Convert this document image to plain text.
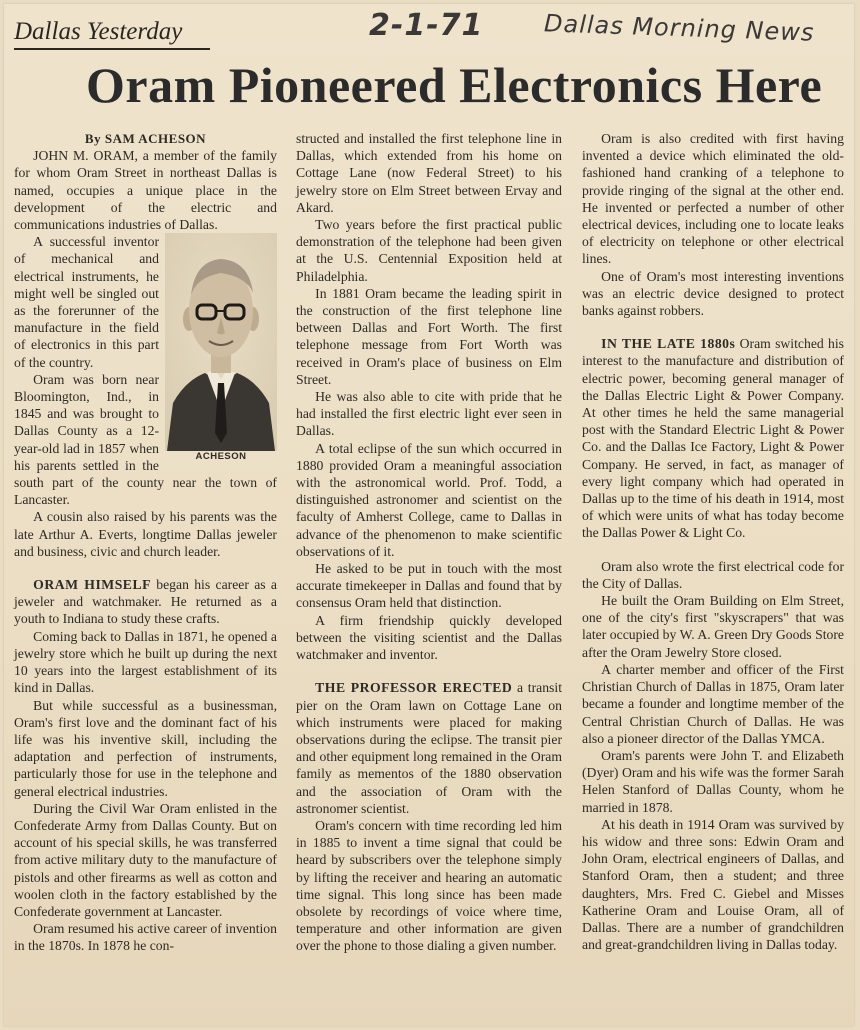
Dallas Yesterday	2-1-71	Dallas Morning News
Oram Pioneered Electronics Here

By SAM ACHESON

JOHN M. ORAM, a member of the family for whom Oram Street in northeast Dallas is named, occupies a unique place in the development of the electric and communications industries of Dallas.

ACHESON

A successful inventor of mechanical and electrical instruments, he might well be singled out as the forerunner of the manufacture in the field of electronics in this part of the country.

Oram was born near Bloomington, Ind., in 1845 and was brought to Dallas County as a 12-year-old lad in 1857 when his parents settled in the south part of the county near the town of Lancaster.

A cousin also raised by his parents was the late Arthur A. Everts, longtime Dallas jeweler and business, civic and church leader.

ORAM HIMSELF began his career as a jeweler and watchmaker. He returned as a youth to Indiana to study these crafts.

Coming back to Dallas in 1871, he opened a jewelry store which he built up during the next 10 years into the largest establishment of its kind in Dallas.

But while successful as a businessman, Oram's first love and the dominant fact of his life was his inventive skill, including the adaptation and perfection of instruments, particularly those for use in the telephone and general electrical industries.

During the Civil War Oram enlisted in the Confederate Army from Dallas County. But on account of his special skills, he was transferred from active military duty to the manufacture of pistols and other firearms as well as cotton and woolen cloth in the factory established by the Confederate government at Lancaster.

Oram resumed his active career of invention in the 1870s. In 1878 he con-

structed and installed the first telephone line in Dallas, which extended from his home on Cottage Lane (now Federal Street) to his jewelry store on Elm Street between Ervay and Akard.

Two years before the first practical public demonstration of the telephone had been given at the U.S. Centennial Exposition held at Philadelphia.

In 1881 Oram became the leading spirit in the construction of the first telephone line between Dallas and Fort Worth. The first telephone message from Fort Worth was received in Oram's place of business on Elm Street.

He was also able to cite with pride that he had installed the first electric light ever seen in Dallas.

A total eclipse of the sun which occurred in 1880 provided Oram a meaningful association with the astronomical world. Prof. Todd, a distinguished astronomer and scientist on the faculty of Amherst College, came to Dallas in advance of the phenomenon to make scientific observations of it.

He asked to be put in touch with the most accurate timekeeper in Dallas and found that by consensus Oram held that distinction.

A firm friendship quickly developed between the visiting scientist and the Dallas watchmaker and inventor.

THE PROFESSOR ERECTED a transit pier on the Oram lawn on Cottage Lane on which instruments were placed for making observations during the eclipse. The transit pier and other equipment long remained in the Oram family as mementos of the 1880 observation and the association of Oram with the astronomer scientist.

Oram's concern with time recording led him in 1885 to invent a time signal that could be heard by subscribers over the telephone simply by lifting the receiver and hearing an automatic time signal. This long since has been made obsolete by recordings of voice where time, temperature and other information are given over the phone to those dialing a given number.

Oram is also credited with first having invented a device which eliminated the old-fashioned hand cranking of a telephone to provide ringing of the signal at the other end. He invented or perfected a number of other electrical devices, including one to locate leaks of electricity on telephone or other electrical lines.

One of Oram's most interesting inventions was an electric device designed to protect banks against robbers.

IN THE LATE 1880s Oram switched his interest to the manufacture and distribution of electric power, becoming general manager of the Dallas Electric Light & Power Company. At other times he held the same managerial post with the Standard Electric Light & Power Co. and the Dallas Ice Factory, Light & Power Company. He served, in fact, as manager of every light company which had operated in Dallas up to the time of his death in 1914, most of which were units of what has today become the Dallas Power & Light Co.

Oram also wrote the first electrical code for the City of Dallas.

He built the Oram Building on Elm Street, one of the city's first "skyscrapers" that was later occupied by W. A. Green Dry Goods Store after the Oram Jewelry Store closed.

A charter member and officer of the First Christian Church of Dallas in 1875, Oram later became a founder and longtime member of the Central Christian Church of Dallas. He was also a pioneer director of the Dallas YMCA.

Oram's parents were John T. and Elizabeth (Dyer) Oram and his wife was the former Sarah Helen Stanford of Dallas County, whom he married in 1878.

At his death in 1914 Oram was survived by his widow and three sons: Edwin Oram and John Oram, electrical engineers of Dallas, and Stanford Oram, then a student; and three daughters, Mrs. Fred C. Giebel and Misses Katherine Oram and Louise Oram, all of Dallas. There are a number of grandchildren and great-grandchildren living in Dallas today.
